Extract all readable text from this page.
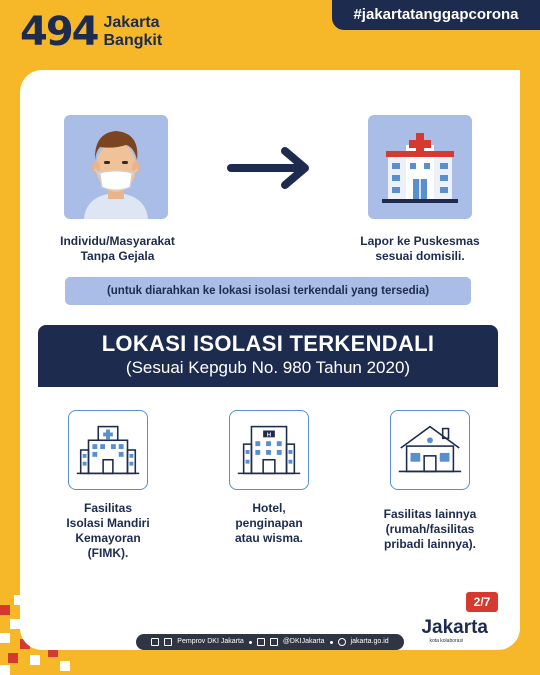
494 Jakarta
Bangkit
#jakartatanggapcorona
Individu/Masyarakat
Tanpa Gejala
Lapor ke Puskesmas
sesuai domisili.
(untuk diarahkan ke lokasi isolasi terkendali yang tersedia)
LOKASI ISOLASI TERKENDALI
(Sesuai Kepgub No. 980 Tahun 2020)
H
Fasilitas
Isolasi Mandiri
Kemayoran
(FIMK).
Hotel,
penginapan
atau wisma.
Fasilitas lainnya
(rumah/fasilitas
pribadi lainnya).
2/7
Jakarta
kota kolaborasi
Pemprov DKI Jakarta	@DKIJakarta	jakarta.go.id
